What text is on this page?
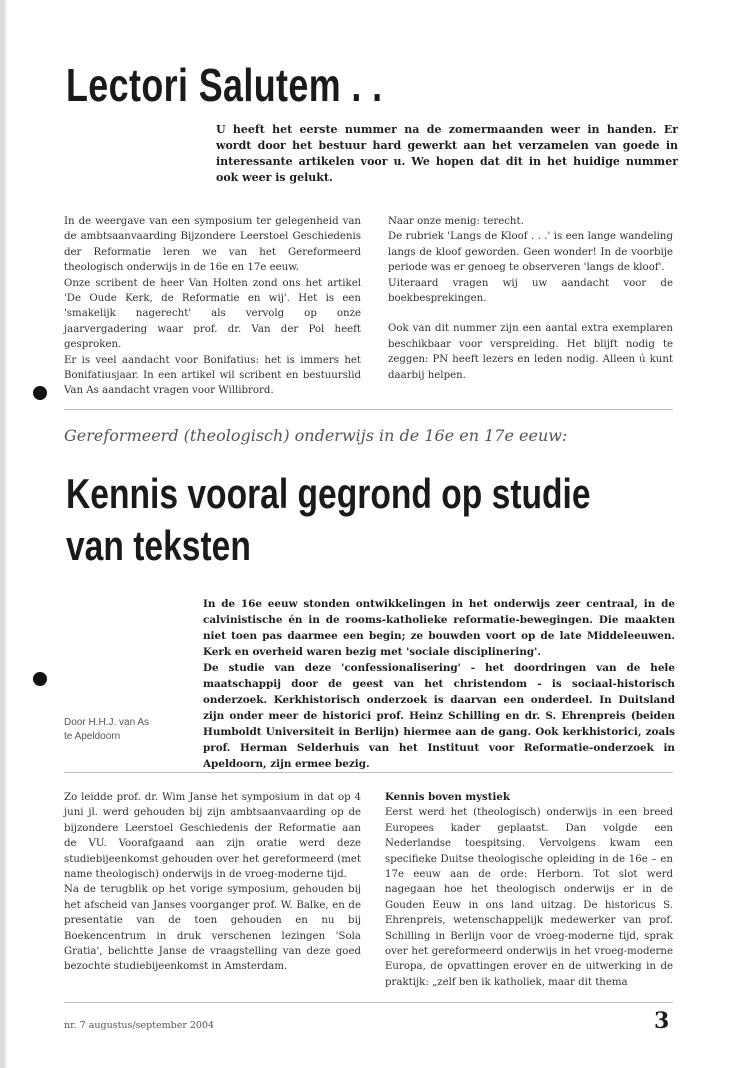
Lectori Salutem . .
U heeft het eerste nummer na de zomermaanden weer in handen. Er wordt door het bestuur hard gewerkt aan het verzamelen van goede in interessante artikelen voor u. We hopen dat dit in het huidige nummer ook weer is gelukt.

In de weergave van een symposium ter gelegenheid van de ambtsaanvaarding Bijzondere Leerstoel Geschiedenis der Reformatie leren we van het Gereformeerd theologisch onderwijs in de 16e en 17e eeuw.

Onze scribent de heer Van Holten zond ons het artikel 'De Oude Kerk, de Reformatie en wij'. Het is een 'smakelijk nagerecht' als vervolg op onze jaarvergadering waar prof. dr. Van der Pol heeft gesproken.

Er is veel aandacht voor Bonifatius: het is immers het Bonifatiusjaar. In een artikel wil scribent en bestuurslid Van As aandacht vragen voor Willibrord.

Naar onze menig: terecht.

De rubriek 'Langs de Kloof . . .' is een lange wandeling langs de kloof geworden. Geen wonder! In de voorbije periode was er genoeg te observeren 'langs de kloof'.

Uiteraard vragen wij uw aandacht voor de boekbesprekingen.

Ook van dit nummer zijn een aantal extra exemplaren beschikbaar voor verspreiding. Het blijft nodig te zeggen: PN heeft lezers en leden nodig. Alleen ú kunt daarbij helpen.

Gereformeerd (theologisch) onderwijs in de 16e en 17e eeuw:
Kennis vooral gegrond op studie
van teksten

In de 16e eeuw stonden ontwikkelingen in het onderwijs zeer centraal, in de calvinistische én in de rooms-katholieke reformatie-bewegingen. Die maakten niet toen pas daarmee een begin; ze bouwden voort op de late Middeleeuwen. Kerk en overheid waren bezig met 'sociale disciplinering'.

De studie van deze 'confessionalisering' - het doordringen van de hele maatschappij door de geest van het christendom - is sociaal-historisch onderzoek. Kerkhistorisch onderzoek is daarvan een onderdeel. In Duitsland zijn onder meer de historici prof. Heinz Schilling en dr. S. Ehrenpreis (beiden Humboldt Universiteit in Berlijn) hiermee aan de gang. Ook kerkhistorici, zoals prof. Herman Selderhuis van het Instituut voor Reformatie-onderzoek in Apeldoorn, zijn ermee bezig.

Door H.H.J. van As
te Apeldoorn

Zo leidde prof. dr. Wim Janse het symposium in dat op 4 juni jl. werd gehouden bij zijn ambtsaanvaarding op de bijzondere Leerstoel Geschiedenis der Reformatie aan de VU. Voorafgaand aan zijn oratie werd deze studiebijeenkomst gehouden over het gereformeerd (met name theologisch) onderwijs in de vroeg-moderne tijd.

Na de terugblik op het vorige symposium, gehouden bij het afscheid van Janses voorganger prof. W. Balke, en de presentatie van de toen gehouden en nu bij Boekencentrum in druk verschenen lezingen 'Sola Gratia', belichtte Janse de vraagstelling van deze goed bezochte studiebijeenkomst in Amsterdam.

Kennis boven mystiek

Eerst werd het (theologisch) onderwijs in een breed Europees kader geplaatst. Dan volgde een Nederlandse toespitsing. Vervolgens kwam een specifieke Duitse theologische opleiding in de 16e – en 17e eeuw aan de orde: Herborn. Tot slot werd nagegaan hoe het theologisch onderwijs er in de Gouden Eeuw in ons land uitzag. De historicus S. Ehrenpreis, wetenschappelijk medewerker van prof. Schilling in Berlijn voor de vroeg-moderne tijd, sprak over het gereformeerd onderwijs in het vroeg-moderne Europa, de opvattingen erover en de uitwerking in de praktijk: „zelf ben ik katholiek, maar dit thema

nr. 7 augustus/september 2004	3
